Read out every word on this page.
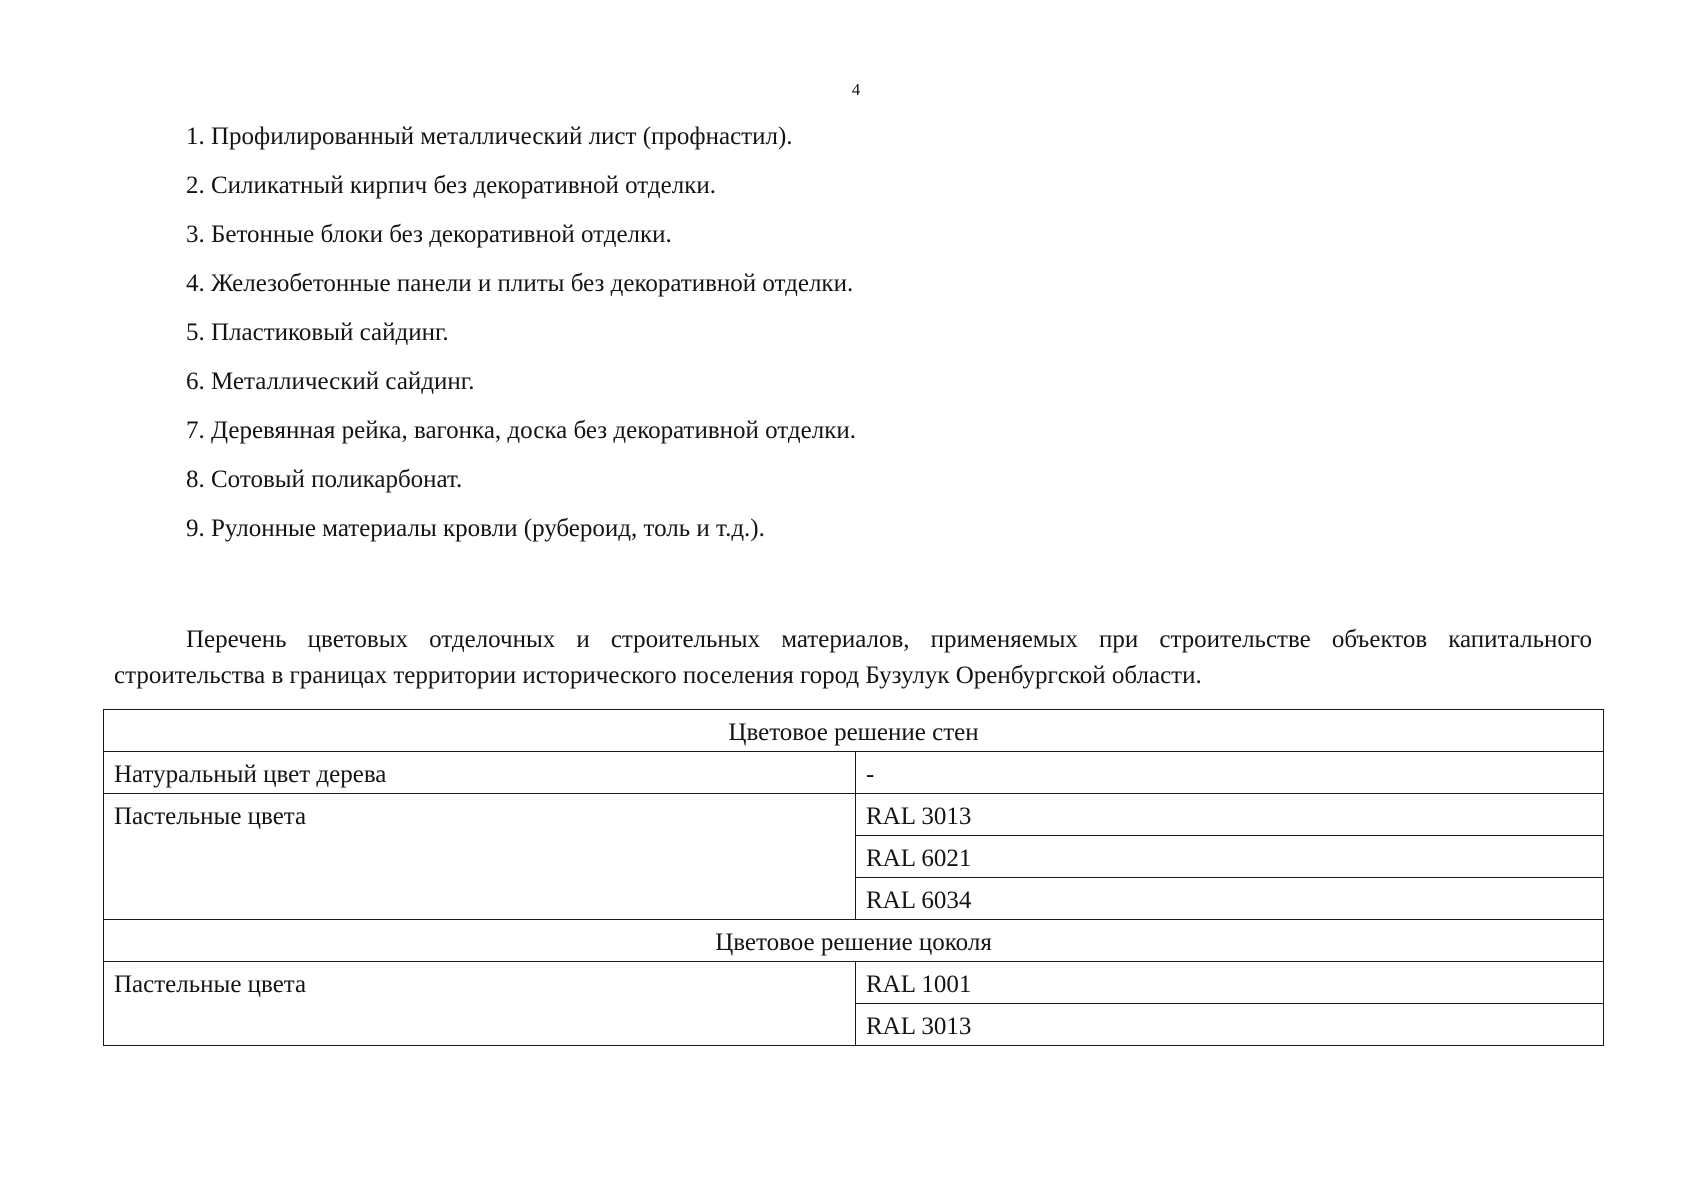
4
1. Профилированный металлический лист (профнастил).
2. Силикатный кирпич без декоративной отделки.
3. Бетонные блоки без декоративной отделки.
4. Железобетонные панели и плиты без декоративной отделки.
5. Пластиковый сайдинг.
6. Металлический сайдинг.
7. Деревянная рейка, вагонка, доска без декоративной отделки.
8. Сотовый поликарбонат.
9. Рулонные материалы кровли (рубероид, толь и т.д.).

Перечень цветовых отделочных и строительных материалов, применяемых при строительстве объектов капитального строительства в границах территории исторического поселения город Бузулук Оренбургской области.

Цветовое решение стен	
Натуральный цвет дерева	-
Пастельные цвета	RAL 3013
	RAL 6021
	RAL 6034
Цветовое решение цоколя	
Пастельные цвета	RAL 1001
	RAL 3013
